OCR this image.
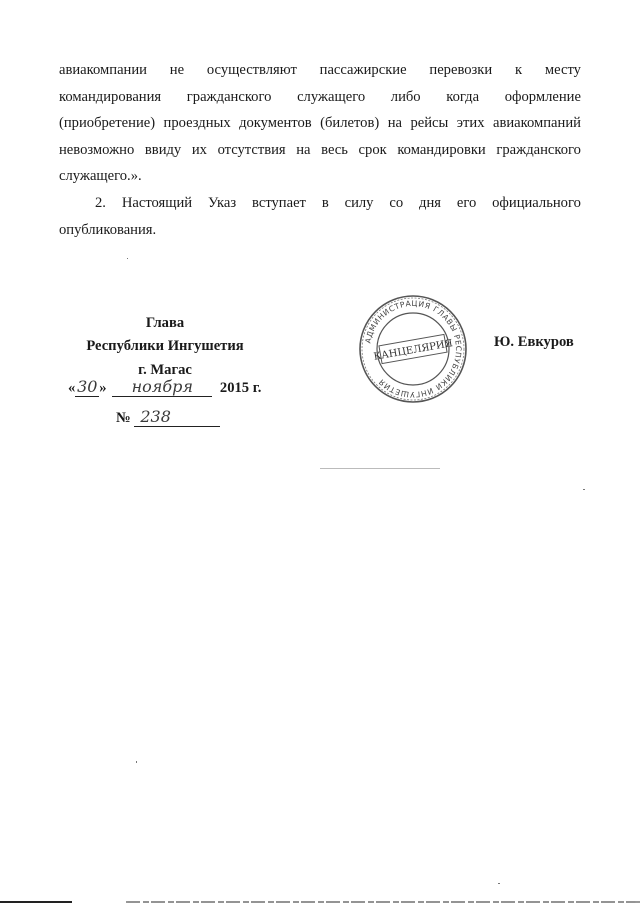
авиакомпании не осуществляют пассажирские перевозки к месту
командирования гражданского служащего либо когда оформление
(приобретение) проездных документов (билетов) на рейсы этих авиакомпаний
невозможно ввиду их отсутствия на весь срок командировки гражданского
служащего.».
2. Настоящий Указ вступает в силу со дня его официального
опубликования.
Глава
Республики Ингушетия
г. Магас
« 30 » ноября 2015 г.
№ 238
Ю. Евкуров
АДМИНИСТРАЦИЯ ГЛАВЫ РЕСПУБЛИКИ ИНГУШЕТИЯ
КАНЦЕЛЯРИЯ
